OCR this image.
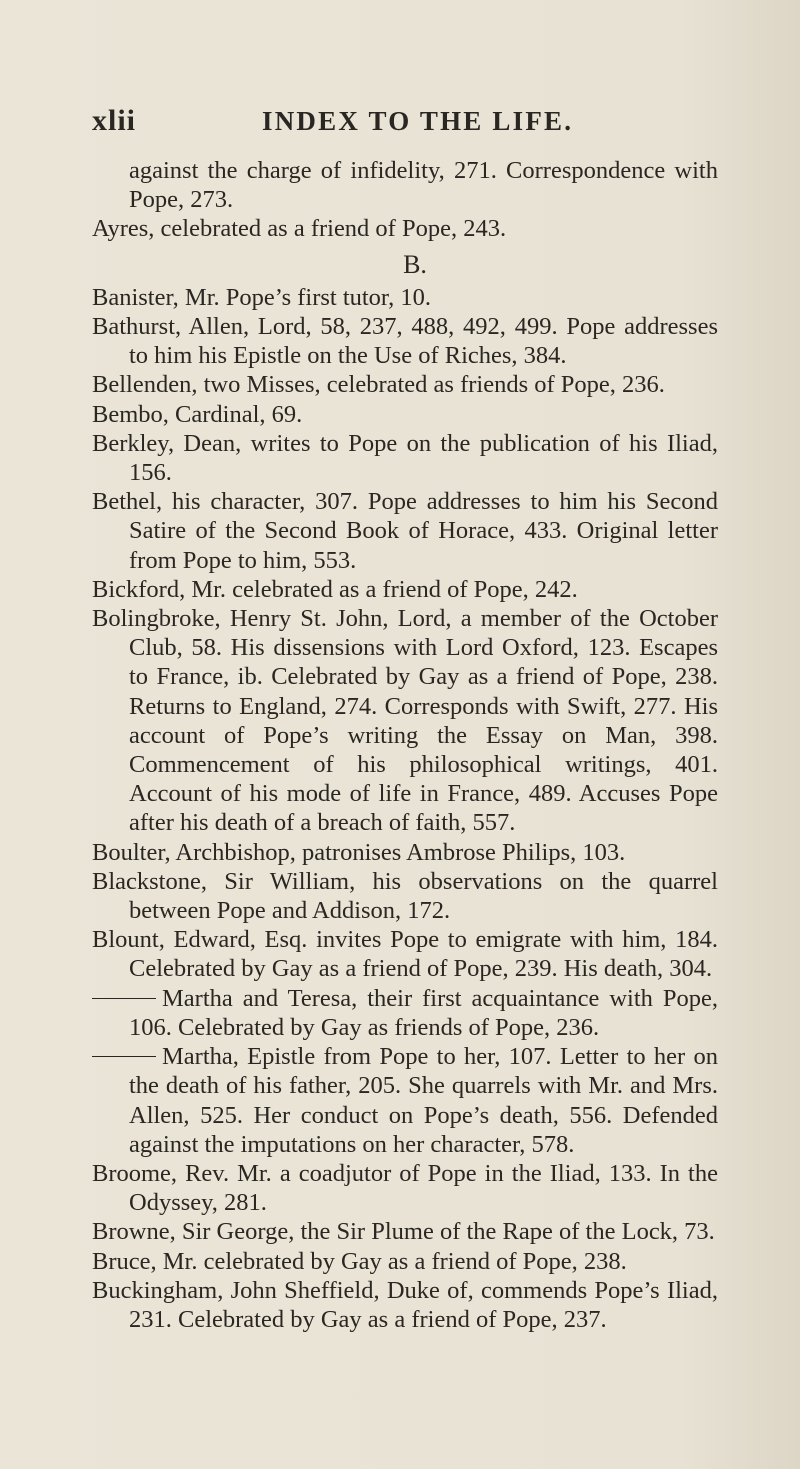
xlii	INDEX TO THE LIFE.

against the charge of infidelity, 271. Correspondence with Pope, 273.

Ayres, celebrated as a friend of Pope, 243.

B.

Banister, Mr. Pope’s first tutor, 10.

Bathurst, Allen, Lord, 58, 237, 488, 492, 499. Pope addresses to him his Epistle on the Use of Riches, 384.

Bellenden, two Misses, celebrated as friends of Pope, 236.

Bembo, Cardinal, 69.

Berkley, Dean, writes to Pope on the publication of his Iliad, 156.

Bethel, his character, 307. Pope addresses to him his Second Satire of the Second Book of Horace, 433. Original letter from Pope to him, 553.

Bickford, Mr. celebrated as a friend of Pope, 242.

Bolingbroke, Henry St. John, Lord, a member of the October Club, 58. His dissensions with Lord Oxford, 123. Escapes to France, ib. Celebrated by Gay as a friend of Pope, 238. Returns to England, 274. Corresponds with Swift, 277. His account of Pope’s writing the Essay on Man, 398. Commencement of his philosophical writings, 401. Account of his mode of life in France, 489. Accuses Pope after his death of a breach of faith, 557.

Boulter, Archbishop, patronises Ambrose Philips, 103.

Blackstone, Sir William, his observations on the quarrel between Pope and Addison, 172.

Blount, Edward, Esq. invites Pope to emigrate with him, 184. Celebrated by Gay as a friend of Pope, 239. His death, 304.

Martha and Teresa, their first acquaintance with Pope, 106. Celebrated by Gay as friends of Pope, 236.

Martha, Epistle from Pope to her, 107. Letter to her on the death of his father, 205. She quarrels with Mr. and Mrs. Allen, 525. Her conduct on Pope’s death, 556. Defended against the imputations on her character, 578.

Broome, Rev. Mr. a coadjutor of Pope in the Iliad, 133. In the Odyssey, 281.

Browne, Sir George, the Sir Plume of the Rape of the Lock, 73.

Bruce, Mr. celebrated by Gay as a friend of Pope, 238.

Buckingham, John Sheffield, Duke of, commends Pope’s Iliad, 231. Celebrated by Gay as a friend of Pope, 237.
